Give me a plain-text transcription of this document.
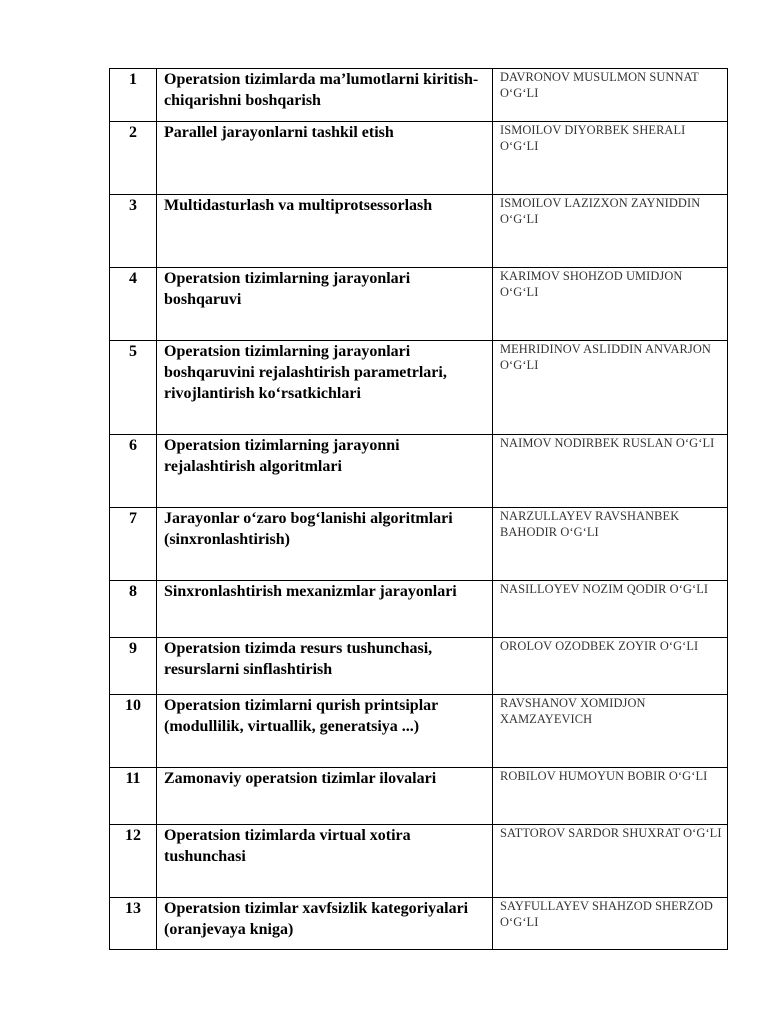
1	Operatsion tizimlarda ma’lumotlarni kiritish-chiqarishni boshqarish	DAVRONOV MUSULMON SUNNAT O‘G‘LI
2	Parallel jarayonlarni tashkil etish	ISMOILOV DIYORBEK SHERALI O‘G‘LI
3	Multidasturlash va multiprotsessorlash	ISMOILOV LAZIZXON ZAYNIDDIN O‘G‘LI
4	Operatsion tizimlarning jarayonlari boshqaruvi	KARIMOV SHOHZOD UMIDJON O‘G‘LI
5	Operatsion tizimlarning jarayonlari boshqaruvini rejalashtirish parametrlari, rivojlantirish ko‘rsatkichlari	MEHRIDINOV ASLIDDIN ANVARJON O‘G‘LI
6	Operatsion tizimlarning jarayonni rejalashtirish algoritmlari	NAIMOV NODIRBEK RUSLAN O‘G‘LI
7	Jarayonlar o‘zaro bog‘lanishi algoritmlari (sinxronlashtirish)	NARZULLAYEV RAVSHANBEK BAHODIR O‘G‘LI
8	Sinxronlashtirish mexanizmlar jarayonlari	NASILLOYEV NOZIM QODIR O‘G‘LI
9	Operatsion tizimda resurs tushunchasi, resurslarni sinflashtirish	OROLOV OZODBEK ZOYIR O‘G‘LI
10	Operatsion tizimlarni qurish printsiplar (modullilik, virtuallik, generatsiya ...)	RAVSHANOV XOMIDJON XAMZAYEVICH
11	Zamonaviy operatsion tizimlar ilovalari	ROBILOV HUMOYUN BOBIR O‘G‘LI
12	Operatsion tizimlarda virtual xotira tushunchasi	SATTOROV SARDOR SHUXRAT O‘G‘LI
13	Operatsion tizimlar xavfsizlik kategoriyalari (oranjevaya kniga)	SAYFULLAYEV SHAHZOD SHERZOD O‘G‘LI
